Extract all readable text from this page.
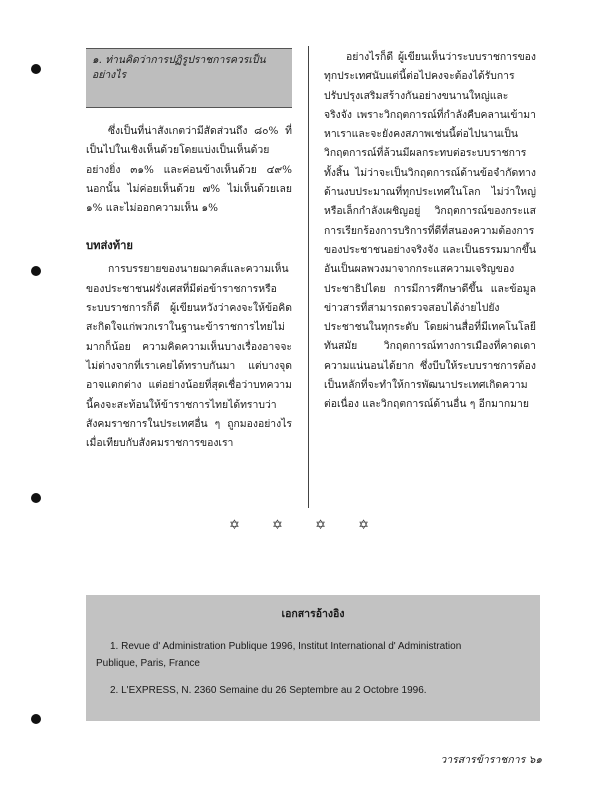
๑. ท่านคิดว่าการปฏิรูปราชการควรเป็นอย่างไร

ซึ่งเป็นที่น่าสังเกตว่ามีสัดส่วนถึง ๘๐% ที่เป็นไปในเชิงเห็นด้วยโดยแบ่งเป็นเห็นด้วยอย่างยิ่ง ๓๑% และค่อนข้างเห็นด้วย ๔๙% นอกนั้น ไม่ค่อยเห็นด้วย ๗% ไม่เห็นด้วยเลย ๑% และไม่ออกความเห็น ๑%

บทส่งท้าย

การบรรยายของนายฌาคส์และความเห็นของประชาชนฝรั่งเศสที่มีต่อข้าราชการหรือระบบราชการก็ดี ผู้เขียนหวังว่าคงจะให้ข้อคิดสะกิดใจแก่พวกเราในฐานะข้าราชการไทยไม่มากก็น้อย ความคิดความเห็นบางเรื่องอาจจะไม่ต่างจากที่เราเคยได้ทราบกันมา แต่บางจุดอาจแตกต่าง แต่อย่างน้อยที่สุดเชื่อว่าบทความนี้คงจะสะท้อนให้ข้าราชการไทยได้ทราบว่าสังคมราชการในประเทศอื่น ๆ ถูกมองอย่างไร เมื่อเทียบกับสังคมราชการของเรา

อย่างไรก็ดี ผู้เขียนเห็นว่าระบบราชการของทุกประเทศนับแต่นี้ต่อไปคงจะต้องได้รับการปรับปรุงเสริมสร้างกันอย่างขนานใหญ่และจริงจัง เพราะวิกฤตการณ์ที่กำลังคืบคลานเข้ามาหาเราและจะยังคงสภาพเช่นนี้ต่อไปนานเป็นวิกฤตการณ์ที่ล้วนมีผลกระทบต่อระบบราชการทั้งสิ้น ไม่ว่าจะเป็นวิกฤตการณ์ด้านข้อจำกัดทางด้านงบประมาณที่ทุกประเทศในโลก ไม่ว่าใหญ่หรือเล็กกำลังเผชิญอยู่ วิกฤตการณ์ของกระแสการเรียกร้องการบริการที่ดีที่สนองความต้องการของประชาชนอย่างจริงจัง และเป็นธรรมมากขึ้น อันเป็นผลพวงมาจากกระแสความเจริญของประชาธิปไตย การมีการศึกษาดีขึ้น และข้อมูลข่าวสารที่สามารถตรวจสอบได้ง่ายไปยังประชาชนในทุกระดับ โดยผ่านสื่อที่มีเทคโนโลยีทันสมัย วิกฤตการณ์ทางการเมืองที่คาดเดาความแน่นอนได้ยาก ซึ่งบีบให้ระบบราชการต้องเป็นหลักที่จะทำให้การพัฒนาประเทศเกิดความต่อเนื่อง และวิกฤตการณ์ด้านอื่น ๆ อีกมากมาย

✡ ✡ ✡ ✡
เอกสารอ้างอิง
1. Revue d' Administration Publique 1996, Institut International d' Administration
Publique, Paris, France
2. L'EXPRESS, N. 2360 Semaine du 26 Septembre au 2 Octobre 1996.
วารสารข้าราชการ ๖๑
